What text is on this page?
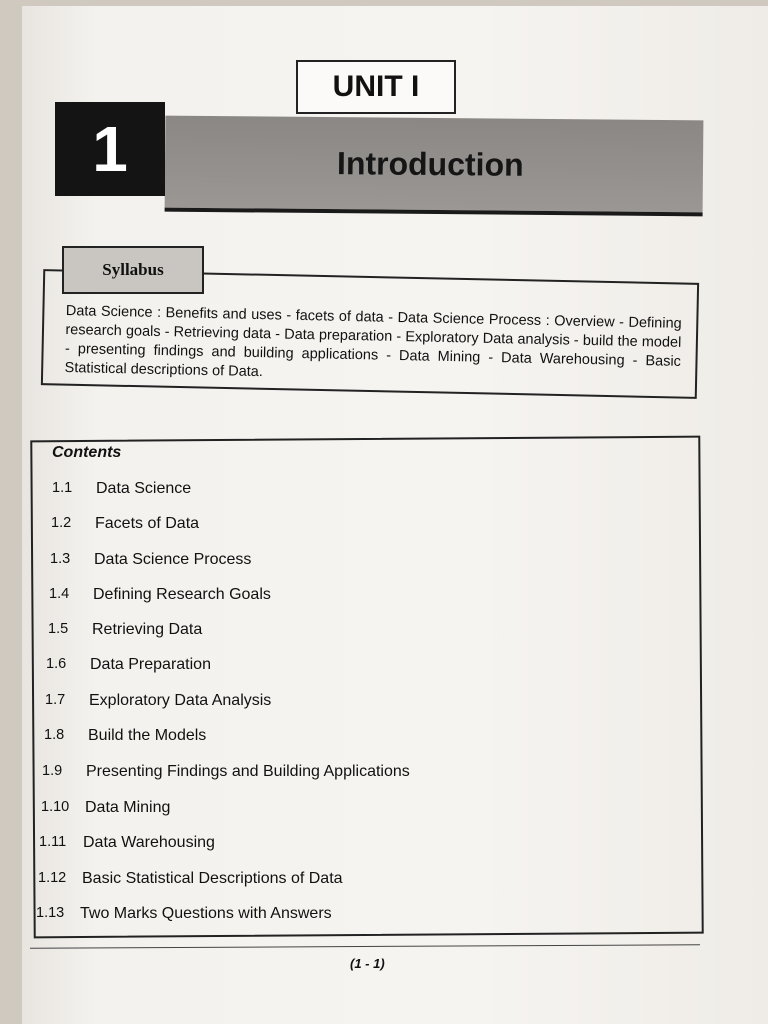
UNIT I
Introduction
1
Syllabus
Data Science : Benefits and uses - facets of data - Data Science Process : Overview - Defining research goals - Retrieving data - Data preparation - Exploratory Data analysis - build the model - presenting findings and building applications - Data Mining - Data Warehousing - Basic Statistical descriptions of Data.
Contents
1.1	Data Science
1.2	Facets of Data
1.3	Data Science Process
1.4	Defining Research Goals
1.5	Retrieving Data
1.6	Data Preparation
1.7	Exploratory Data Analysis
1.8	Build the Models
1.9	Presenting Findings and Building Applications
1.10 Data Mining
1.11	Data Warehousing
1.12 Basic Statistical Descriptions of Data
1.13 Two Marks Questions with Answers
(1 - 1)
